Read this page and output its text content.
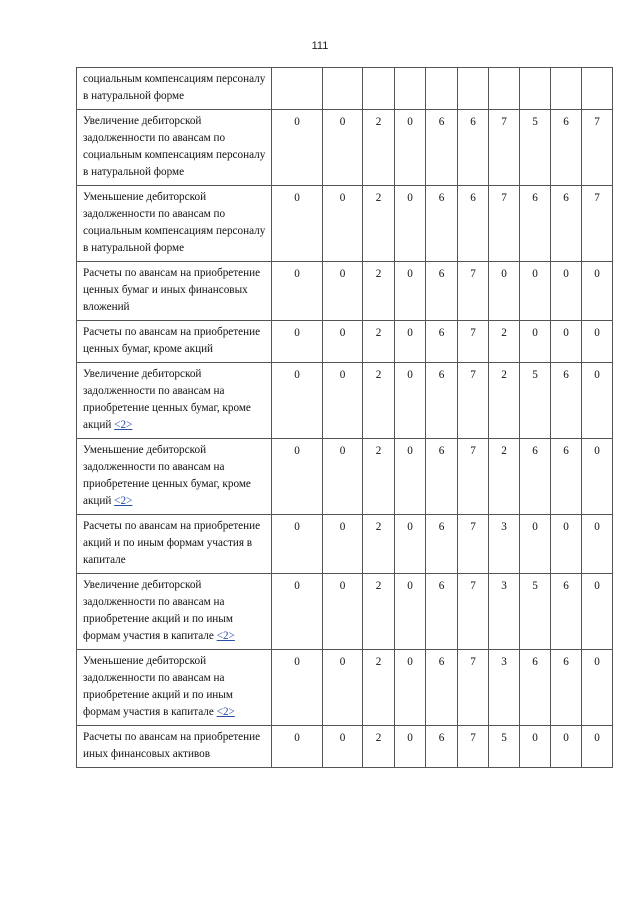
111
социальным компенсациям персоналу в натуральной форме										
Увеличение дебиторской задолженности по авансам по социальным компенсациям персоналу в натуральной форме	0	0	2	0	6	6	7	5	6	7
Уменьшение дебиторской задолженности по авансам по социальным компенсациям персоналу в натуральной форме	0	0	2	0	6	6	7	6	6	7
Расчеты по авансам на приобретение ценных бумаг и иных финансовых вложений	0	0	2	0	6	7	0	0	0	0
Расчеты по авансам на приобретение ценных бумаг, кроме акций	0	0	2	0	6	7	2	0	0	0
Увеличение дебиторской задолженности по авансам на приобретение ценных бумаг, кроме акций <2>	0	0	2	0	6	7	2	5	6	0
Уменьшение дебиторской задолженности по авансам на приобретение ценных бумаг, кроме акций <2>	0	0	2	0	6	7	2	6	6	0
Расчеты по авансам на приобретение акций и по иным формам участия в капитале	0	0	2	0	6	7	3	0	0	0
Увеличение дебиторской задолженности по авансам на приобретение акций и по иным формам участия в капитале <2>	0	0	2	0	6	7	3	5	6	0
Уменьшение дебиторской задолженности по авансам на приобретение акций и по иным формам участия в капитале <2>	0	0	2	0	6	7	3	6	6	0
Расчеты по авансам на приобретение иных финансовых активов	0	0	2	0	6	7	5	0	0	0
